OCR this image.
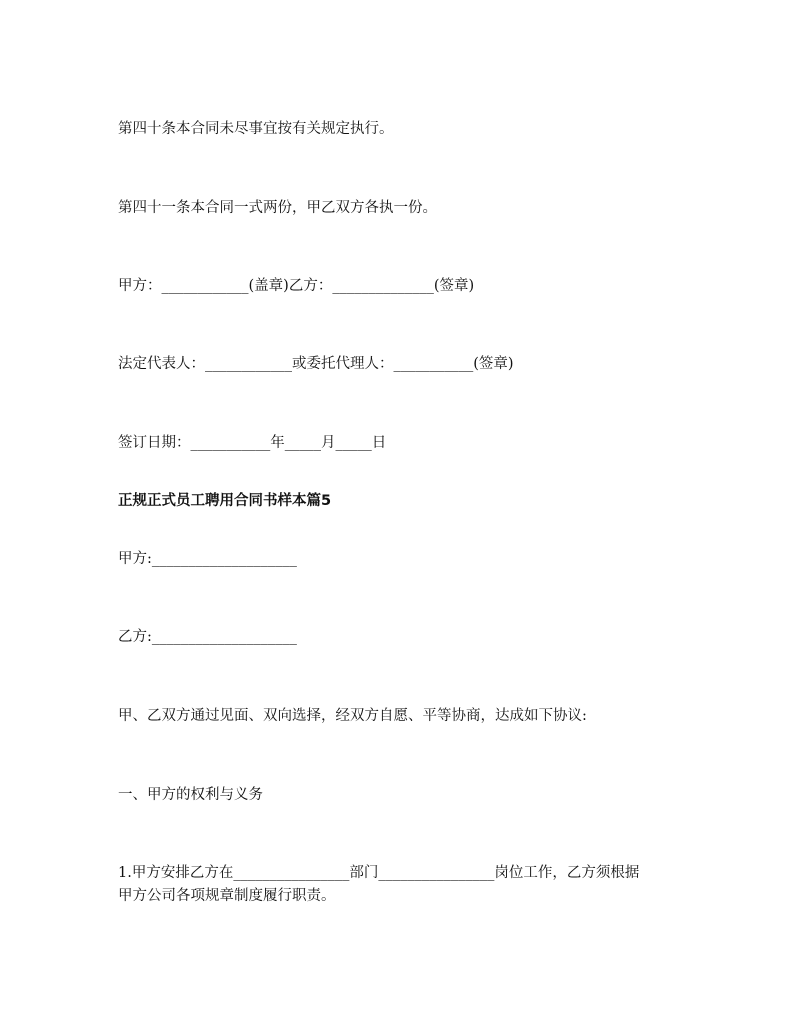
第四十条本合同未尽事宜按有关规定执行。

第四十一条本合同一式两份，甲乙双方各执一份。

甲方：____________(盖章)乙方：______________(签章)

法定代表人：____________或委托代理人：___________(签章)

签订日期：___________年_____月_____日

正规正式员工聘用合同书样本篇5

甲方:____________________

乙方:____________________

甲、乙双方通过见面、双向选择，经双方自愿、平等协商，达成如下协议:

一、甲方的权利与义务

1.甲方安排乙方在________________部门________________岗位工作，乙方须根据

甲方公司各项规章制度履行职责。
